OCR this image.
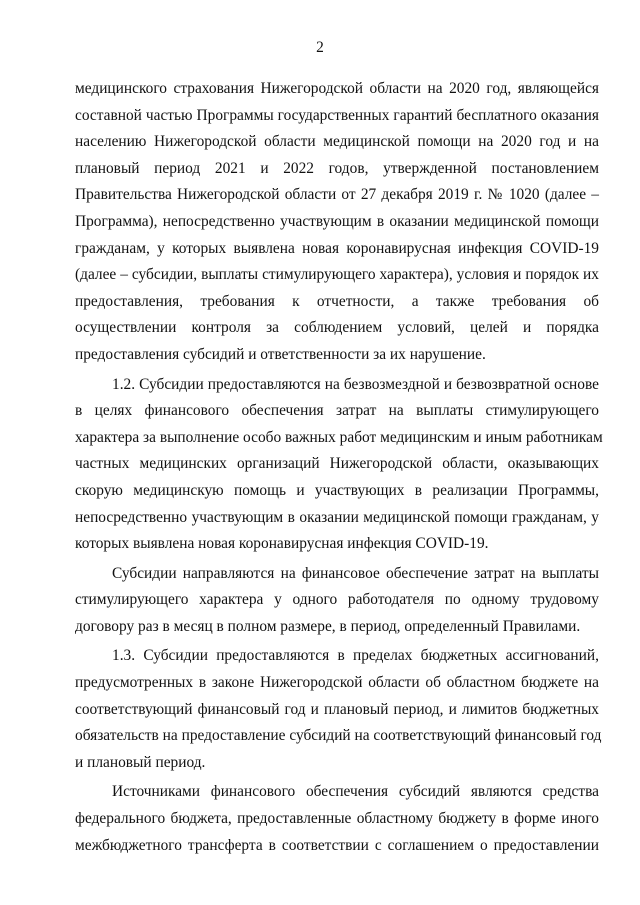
2

медицинского страхования Нижегородской области на 2020 год, являющейся
составной частью Программы государственных гарантий бесплатного оказания
населению Нижегородской области медицинской помощи на 2020 год и на
плановый период 2021 и 2022 годов, утвержденной постановлением
Правительства Нижегородской области от 27 декабря 2019 г. № 1020 (далее –
Программа), непосредственно участвующим в оказании медицинской помощи
гражданам, у которых выявлена новая коронавирусная инфекция COVID-19
(далее – субсидии, выплаты стимулирующего характера), условия и порядок их
предоставления, требования к отчетности, а также требования об
осуществлении контроля за соблюдением условий, целей и порядка
предоставления субсидий и ответственности за их нарушение.

1.2. Субсидии предоставляются на безвозмездной и безвозвратной основе
в целях финансового обеспечения затрат на выплаты стимулирующего
характера за выполнение особо важных работ медицинским и иным работникам
частных медицинских организаций Нижегородской области, оказывающих
скорую медицинскую помощь и участвующих в реализации Программы,
непосредственно участвующим в оказании медицинской помощи гражданам, у
которых выявлена новая коронавирусная инфекция COVID-19.

Субсидии направляются на финансовое обеспечение затрат на выплаты
стимулирующего характера у одного работодателя по одному трудовому
договору раз в месяц в полном размере, в период, определенный Правилами.

1.3. Субсидии предоставляются в пределах бюджетных ассигнований,
предусмотренных в законе Нижегородской области об областном бюджете на
соответствующий финансовый год и плановый период, и лимитов бюджетных
обязательств на предоставление субсидий на соответствующий финансовый год
и плановый период.

Источниками финансового обеспечения субсидий являются средства
федерального бюджета, предоставленные областному бюджету в форме иного
межбюджетного трансферта в соответствии с соглашением о предоставлении
